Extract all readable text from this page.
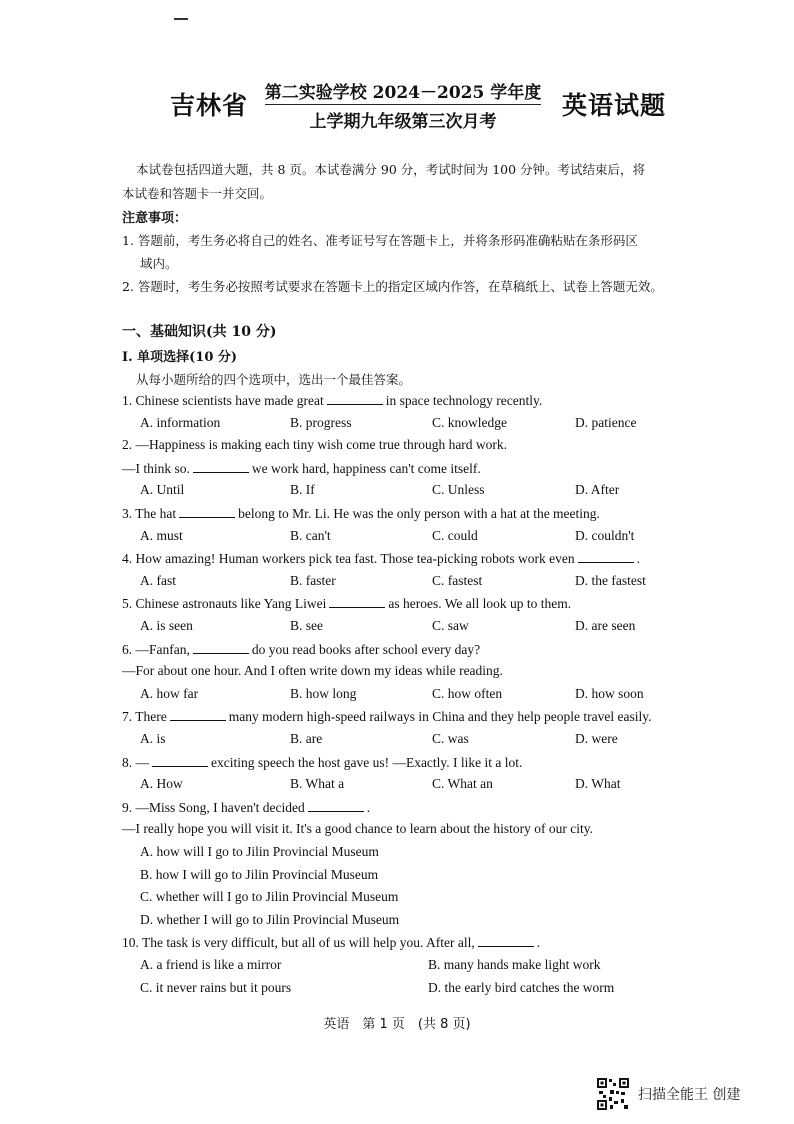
吉林省 第二实验学校 2024－2025 学年度
上学期九年级第三次月考
英语试题
本试卷包括四道大题，共 8 页。本试卷满分 90 分，考试时间为 100 分钟。考试结束后，将
本试卷和答题卡一并交回。
注意事项：
1. 答题前，考生务必将自己的姓名、准考证号写在答题卡上，并将条形码准确粘贴在条形码区
域内。
2. 答题时，考生务必按照考试要求在答题卡上的指定区域内作答，在草稿纸上、试卷上答题无效。
一、基础知识(共 10 分)
Ⅰ. 单项选择(10 分)
从每小题所给的四个选项中，选出一个最佳答案。
1. Chinese scientists have made great	in space technology recently.
A. information	B. progress	C. knowledge	D. patience
2. —Happiness is making each tiny wish come true through hard work.
—I think so.	we work hard, happiness can't come itself.
A. Until	B. If	C. Unless	D. After
3. The hat	belong to Mr. Li. He was the only person with a hat at the meeting.
A. must	B. can't	C. could	D. couldn't
4. How amazing! Human workers pick tea fast. Those tea-picking robots work even	.
A. fast	B. faster	C. fastest	D. the fastest
5. Chinese astronauts like Yang Liwei	as heroes. We all look up to them.
A. is seen	B. see	C. saw	D. are seen
6. —Fanfan,	do you read books after school every day?
—For about one hour. And I often write down my ideas while reading.
A. how far	B. how long	C. how often	D. how soon
7. There	many modern high-speed railways in China and they help people travel easily.
A. is	B. are	C. was	D. were
8. —	exciting speech the host gave us! —Exactly. I like it a lot.
A. How	B. What a	C. What an	D. What
9. —Miss Song, I haven't decided	.
—I really hope you will visit it. It's a good chance to learn about the history of our city.
A. how will I go to Jilin Provincial Museum
B. how I will go to Jilin Provincial Museum
C. whether will I go to Jilin Provincial Museum
D. whether I will go to Jilin Provincial Museum
10. The task is very difficult, but all of us will help you. After all,	.
A. a friend is like a mirror	B. many hands make light work
C. it never rains but it pours	D. the early bird catches the worm
英语　第 1 页　(共 8 页)
扫描全能王 创建
